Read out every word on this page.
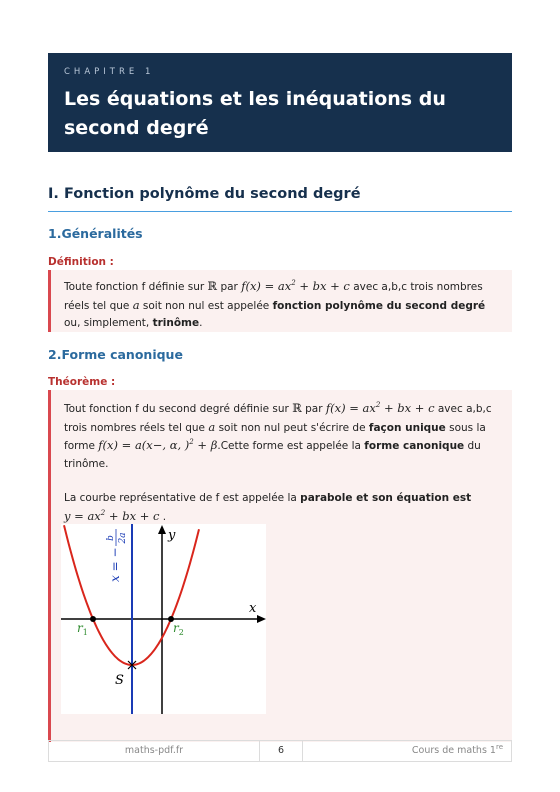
CHAPITRE 1
Les équations et les inéquations du
second degré
I. Fonction polynôme du second degré
1.Généralités
Définition :
Toute fonction f définie sur ℝ par $f(x) = ax^2$ + bx + c avec a,b,c trois nombres
réels tel que a soit non nul est appelée fonction polynôme du second degré
ou, simplement, trinôme.
2.Forme canonique
Théorème :
Tout fonction f du second degré définie sur ℝ par $f(x) = ax^2$ + bx + c avec a,b,c
trois nombres réels tel que a soit non nul peut s'écrire de façon unique sous la
forme f(x) = a(x−, α, )$^2$ + β.Cette forme est appelée la forme canonique du
trinôme.
La courbe représentative de f est appelée la parabole et son équation est
$y = ax^2$ + bx + c .
x
y
$r_1$	$r_2$
S
x = −
b 2a
maths-pdf.fr	6	Cours de maths 1re
